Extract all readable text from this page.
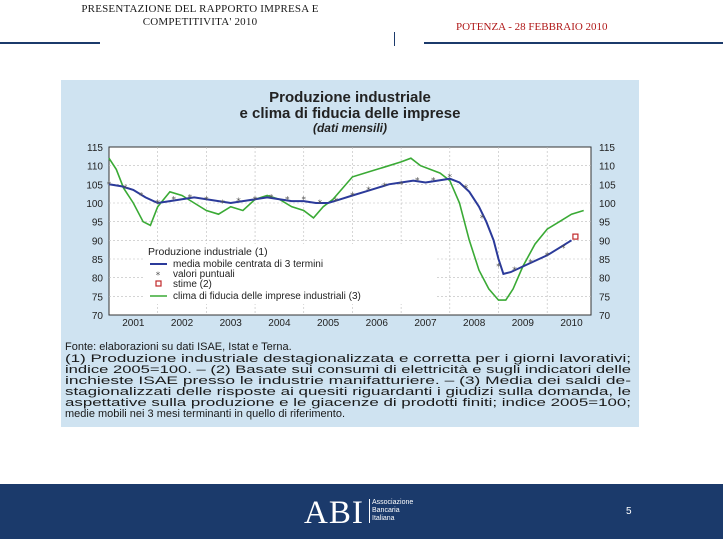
PRESENTAZIONE DEL RAPPORTO IMPRESA E
COMPETITIVITA' 2010	POTENZA - 28 FEBBRAIO 2010
Produzione industriale
e clima di fiducia delle imprese
(dati mensili)
70	70
75	75
80	80
85	85
90	90
95	95
100	100
105	105
110	110
115	115
2001	2002	2003	2004	2005	2006	2007	2008	2009	2010
* *
*
* * * * * * * * * * * *
*
* * * * * *
*
*
* *
*
*
*
Produzione industriale (1)
media mobile centrata di 3 termini
* valori puntuali
stime (2)
clima di fiducia delle imprese industriali (3)
Fonte: elaborazioni su dati ISAE, Istat e Terna.
(1) Produzione industriale destagionalizzata e corretta per i giorni lavorativi;
indice 2005=100. – (2) Basate sui consumi di elettricità e sugli indicatori delle
inchieste ISAE presso le industrie manifatturiere. – (3) Media dei saldi de-
stagionalizzati delle risposte ai quesiti riguardanti i giudizi sulla domanda, le
aspettative sulla produzione e le giacenze di prodotti finiti; indice 2005=100;
medie mobili nei 3 mesi terminanti in quello di riferimento.
ABI Associazione
Bancaria
Italiana
5
